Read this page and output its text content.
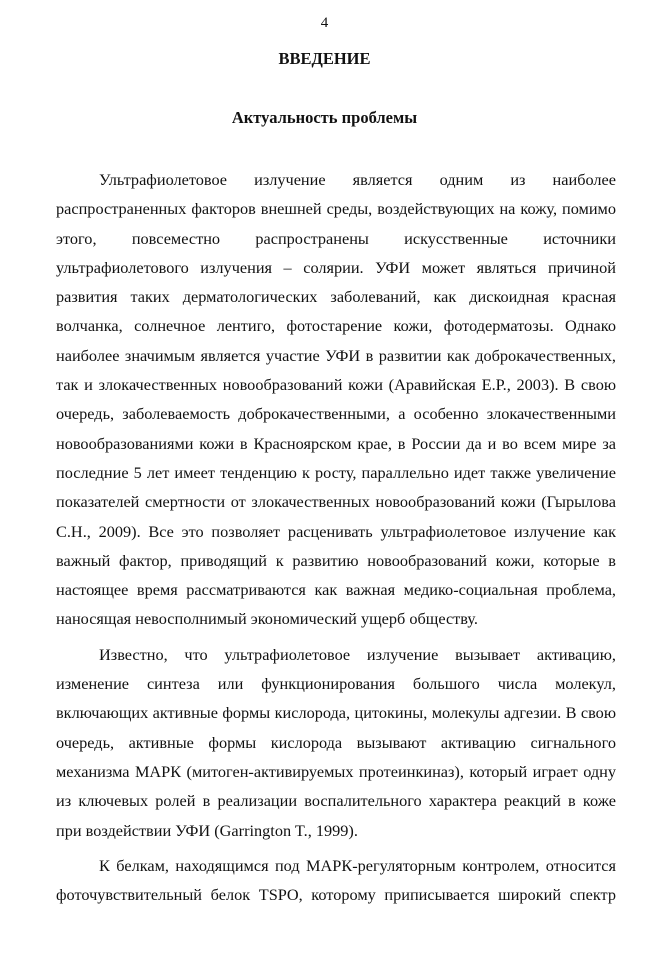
4
ВВЕДЕНИЕ
Актуальность проблемы
Ультрафиолетовое излучение является одним из наиболее
распространенных факторов внешней среды, воздействующих на кожу, помимо
этого, повсеместно распространены искусственные источники
ультрафиолетового излучения – солярии. УФИ может являться причиной
развития таких дерматологических заболеваний, как дискоидная красная
волчанка, солнечное лентиго, фотостарение кожи, фотодерматозы. Однако
наиболее значимым является участие УФИ в развитии как доброкачественных,
так и злокачественных новообразований кожи (Аравийская Е.Р., 2003). В свою
очередь, заболеваемость доброкачественными, а особенно злокачественными
новообразованиями кожи в Красноярском крае, в России да и во всем мире за
последние 5 лет имеет тенденцию к росту, параллельно идет также увеличение
показателей смертности от злокачественных новообразований кожи (Гырылова
С.Н., 2009). Все это позволяет расценивать ультрафиолетовое излучение как
важный фактор, приводящий к развитию новообразований кожи, которые в
настоящее время рассматриваются как важная медико-социальная проблема,
наносящая невосполнимый экономический ущерб обществу.
Известно, что ультрафиолетовое излучение вызывает активацию,
изменение синтеза или функционирования большого числа молекул,
включающих активные формы кислорода, цитокины, молекулы адгезии. В свою
очередь, активные формы кислорода вызывают активацию сигнального
механизма МАРК (митоген-активируемых протеинкиназ), который играет одну
из ключевых ролей в реализации воспалительного характера реакций в коже
при воздействии УФИ (Garrington T., 1999).
К белкам, находящимся под МАРК-регуляторным контролем, относится
фоточувствительный белок TSPO, которому приписывается широкий спектр
